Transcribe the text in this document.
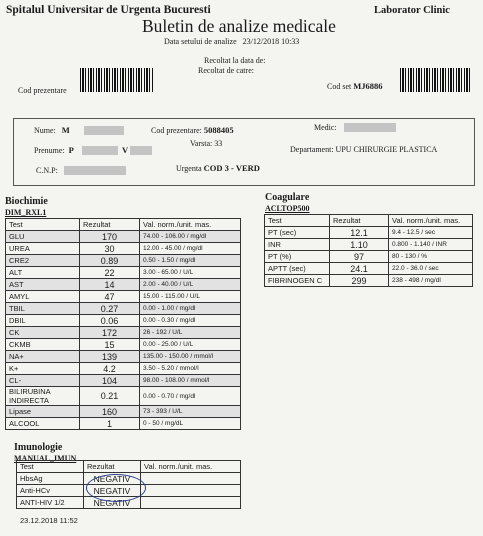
Spitalul Universitar de Urgenta Bucuresti	Laborator Clinic
Buletin de analize medicale
Data setului de analize 23/12/2018 10:33
Recoltat la data de:
Recoltat de catre:
Cod prezentare	Cod set MJ6886
Nume: M	Cod prezentare: 5088405	Medic:
Prenume: P	V
Varsta: 33
Departament: UPU CHIRURGIE PLASTICA
C.N.P:	Urgenta COD 3 - VERD
Biochimie
DIM_RXL1
Test	Rezultat	Val. norm./unit. mas.
GLU	170	74.00 - 106.00 / mg/dl
UREA	30	12.00 - 45.00 / mg/dl
CRE2	0.89	0.50 - 1.50 / mg/dl
ALT	22	3.00 - 65.00 / U/L
AST	14	2.00 - 40.00 / U/L
AMYL	47	15.00 - 115.00 / U/L
TBIL	0.27	0.00 - 1.00 / mg/dl
DBIL	0.06	0.00 - 0.30 / mg/dl
CK	172	26 - 192 / U/L
CKMB	15	0.00 - 25.00 / U/L
NA+	139	135.00 - 150.00 / mmol/l
K+	4.2	3.50 - 5.20 / mmol/l
CL-	104	98.00 - 108.00 / mmol/l
BILIRUBINA INDIRECTA	0.21	0.00 - 0.70 / mg/dl
Lipase	160	73 - 393 / U/L
ALCOOL	1	0 - 50 / mg/dL
Coagulare
ACLTOP500
Test	Rezultat	Val. norm./unit. mas.
PT (sec)	12.1	9.4 - 12.5 / sec
INR	1.10	0.800 - 1.140 / INR
PT (%)	97	80 - 130 / %
APTT (sec)	24.1	22.0 - 36.0 / sec
FIBRINOGEN C	299	238 - 498 / mg/dl
Imunologie
MANUAL_IMUN
Test	Rezultat	Val. norm./unit. mas.
HbsAg	NEGATIV	
Anti-HCv	NEGATIV	
ANTI-HIV 1/2	NEGATIV	
23.12.2018 11:52
